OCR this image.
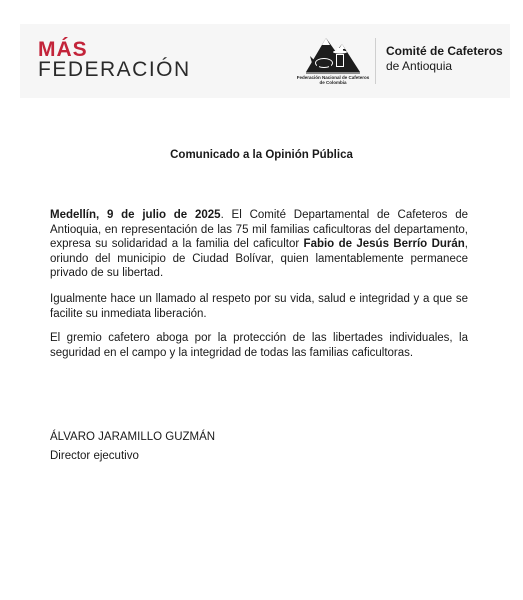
MÁS
FEDERACIÓN	Federación Nacional de Cafeteros de Colombia
Comité de Cafeteros
de Antioquia
Comunicado a la Opinión Pública

Medellín, 9 de julio de 2025. El Comité Departamental de Cafeteros de Antioquia, en representación de las 75 mil familias caficultoras del departamento, expresa su solidaridad a la familia del caficultor Fabio de Jesús Berrío Durán, oriundo del municipio de Ciudad Bolívar, quien lamentablemente permanece privado de su libertad.

Igualmente hace un llamado al respeto por su vida, salud e integridad y a que se facilite su inmediata liberación.

El gremio cafetero aboga por la protección de las libertades individuales, la seguridad en el campo y la integridad de todas las familias caficultoras.

ÁLVARO JARAMILLO GUZMÁN
Director ejecutivo
